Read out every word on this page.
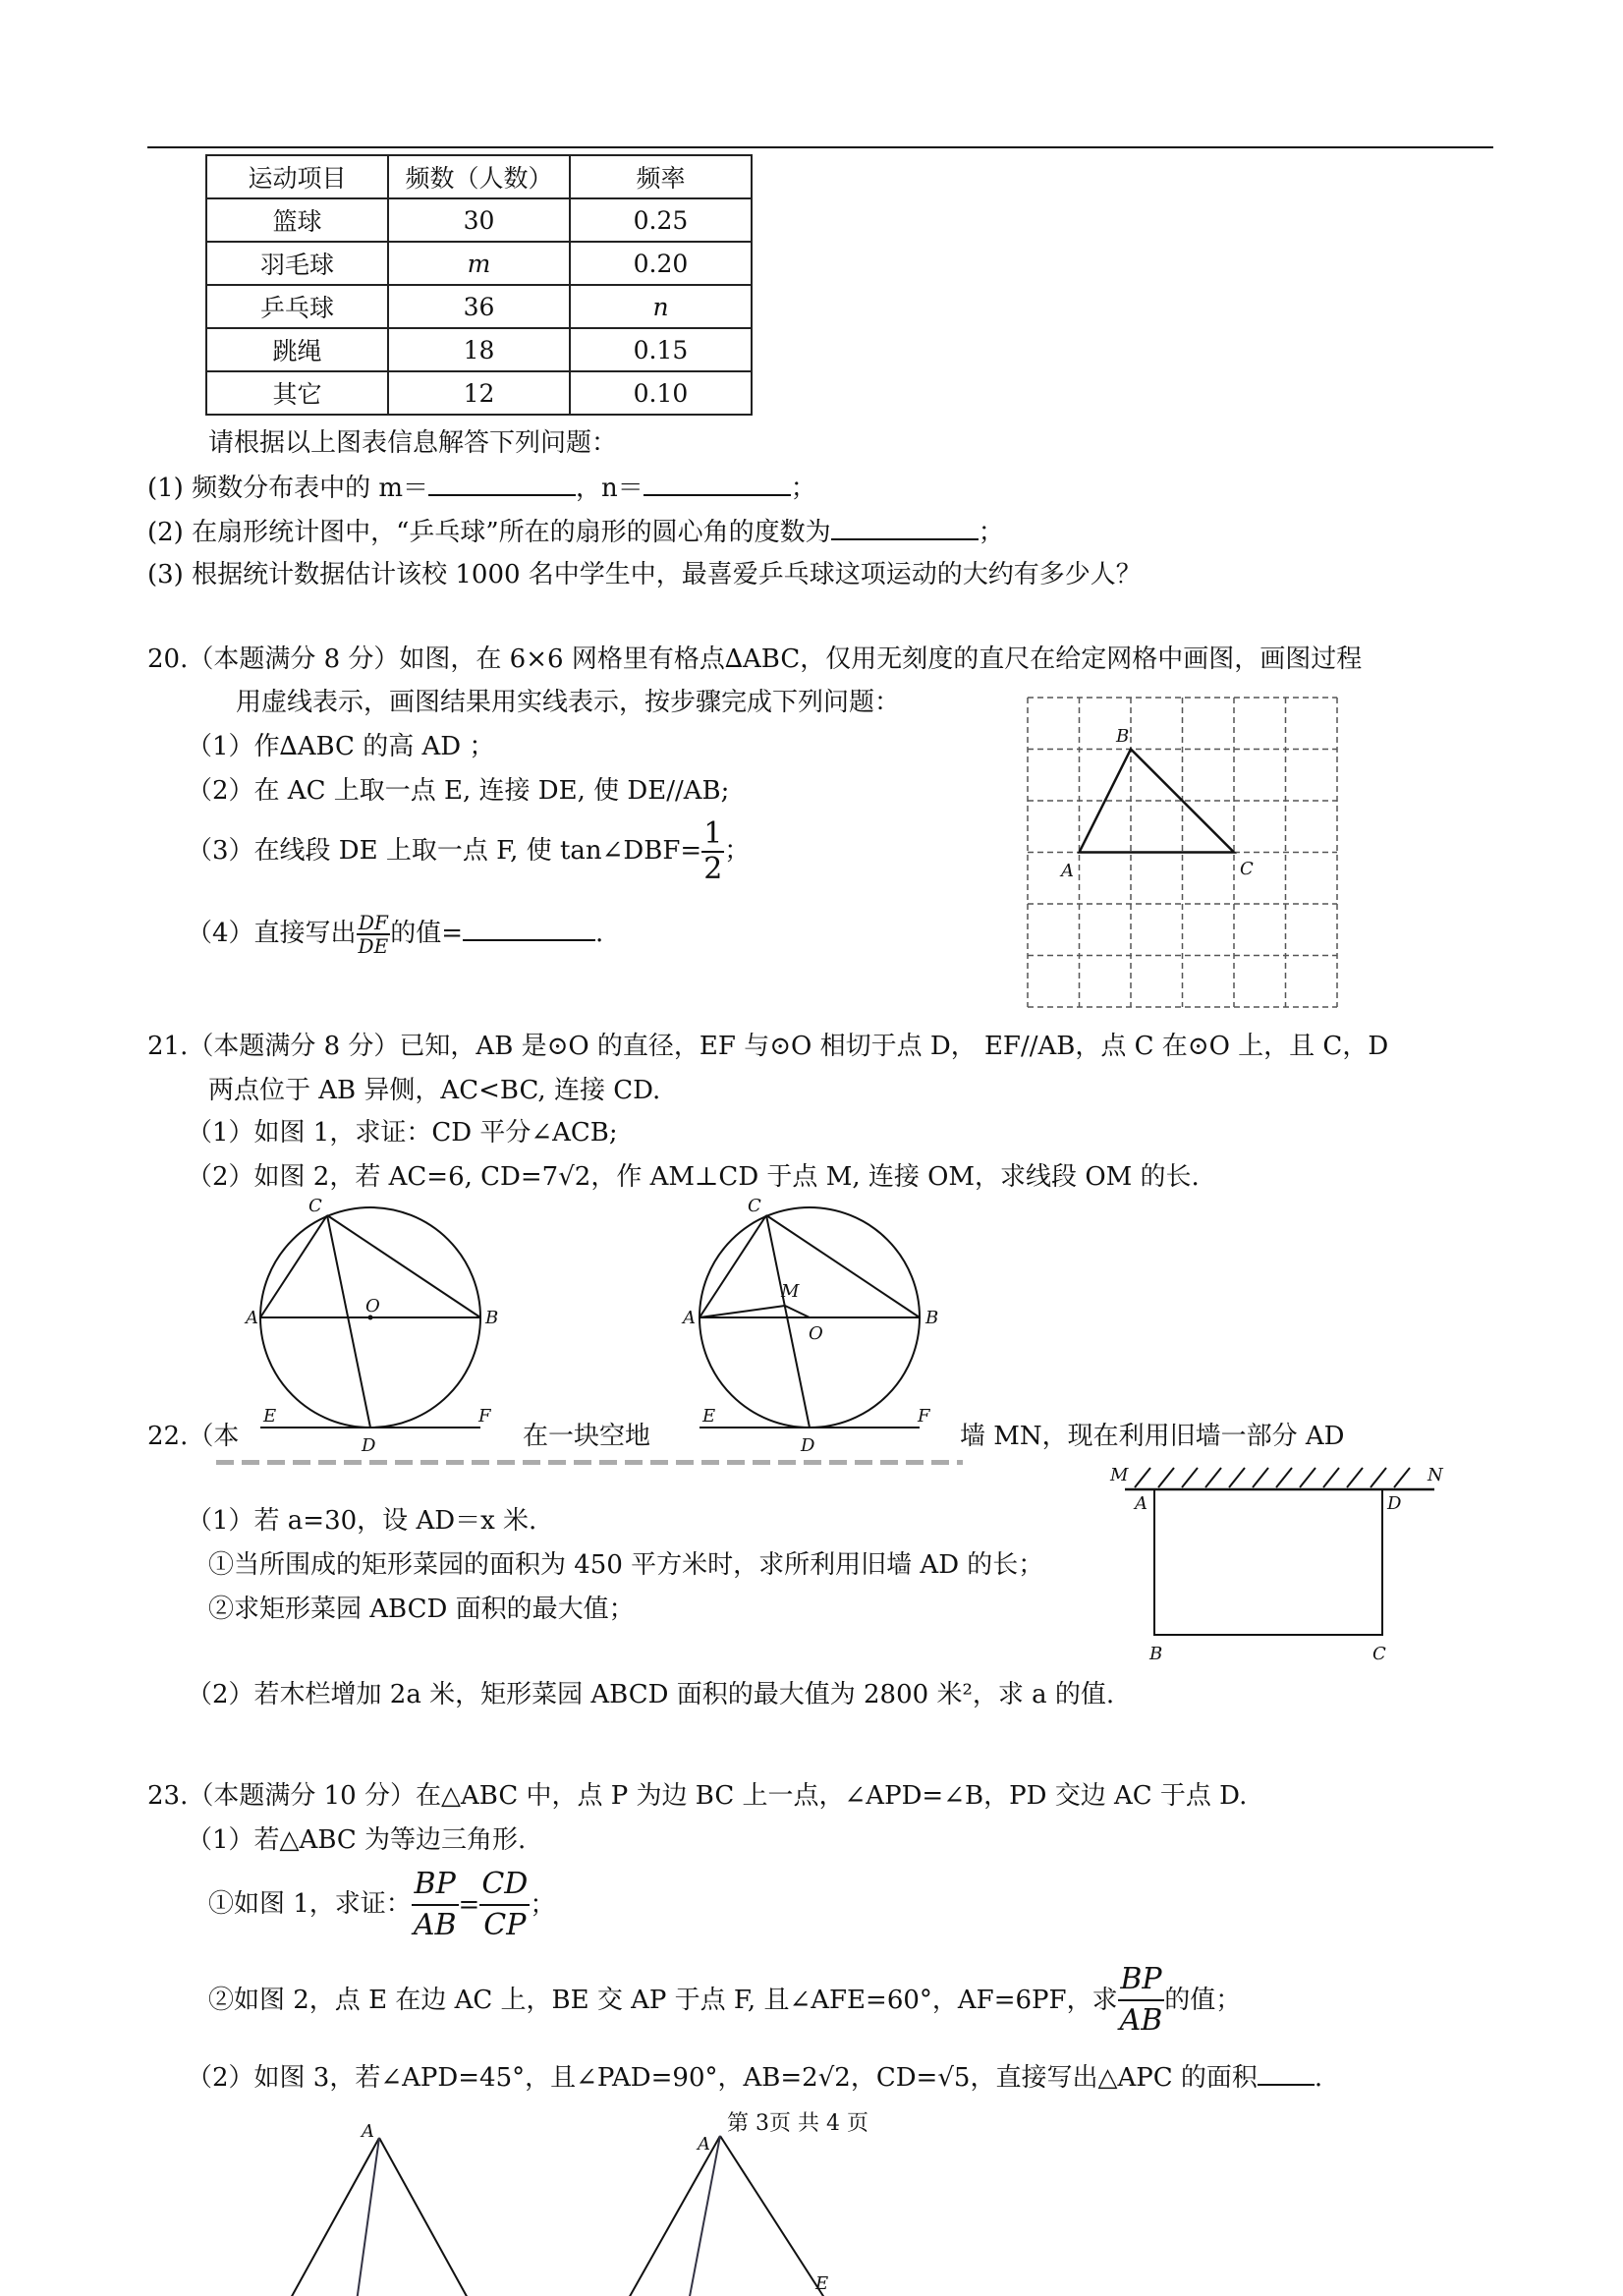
运动项目	频数（人数）	频率
篮球	30	0.25
羽毛球	m	0.20
乒乓球	36	n
跳绳	18	0.15
其它	12	0.10
请根据以上图表信息解答下列问题：
(1) 频数分布表中的 m＝	，n＝	；
(2) 在扇形统计图中，“乒乓球”所在的扇形的圆心角的度数为	；
(3) 根据统计数据估计该校 1000 名中学生中，最喜爱乒乓球这项运动的大约有多少人？
20.（本题满分 8 分）如图，在 6×6 网格里有格点∆ABC，仅用无刻度的直尺在给定网格中画图，画图过程
用虚线表示，画图结果用实线表示，按步骤完成下列问题：
（1）作∆ABC 的高 AD ；
（2）在 AC 上取一点 E, 连接 DE, 使 DE//AB;
（3）在线段 DE 上取一点 F, 使 tan∠DBF= $\frac{1}{2}$ ；
（4）直接写出 $\frac{DF}{DE}$ 的值=	.
B
A	C
21.（本题满分 8 分）已知，AB 是⊙O 的直径，EF 与⊙O 相切于点 D， EF//AB，点 C 在⊙O 上，且 C，D
两点位于 AB 异侧，AC<BC, 连接 CD.
（1）如图 1，求证：CD 平分∠ACB;
（2）如图 2，若 AC=6, CD=7√2，作 AM⊥CD 于点 M, 连接 OM，求线段 OM 的长.
C
A	B
O
E	F
D
C
A	B
M
O
E	F
D
22.（本	在一块空地	墙 MN，现在利用旧墙一部分 AD
（1）若 a=30，设 AD＝x 米.
①当所围成的矩形菜园的面积为 450 平方米时，求所利用旧墙 AD 的长；
②求矩形菜园 ABCD 面积的最大值；
（2）若木栏增加 2a 米，矩形菜园 ABCD 面积的最大值为 2800 米²，求 a 的值.
M	N
A	D
B	C
23.（本题满分 10 分）在△ABC 中，点 P 为边 BC 上一点，∠APD=∠B，PD 交边 AC 于点 D.
（1）若△ABC 为等边三角形.
①如图 1，求证： $\frac{BP}{AB} = \frac{CD}{CP}$ ；
②如图 2，点 E 在边 AC 上，BE 交 AP 于点 F, 且∠AFE=60°，AF=6PF，求 $\frac{BP}{AB}$ 的值；
（2）如图 3，若∠APD=45°，且∠PAD=90°，AB=2√2，CD=√5，直接写出△APC 的面积 .
第 3页 共 4 页
A
A
E
